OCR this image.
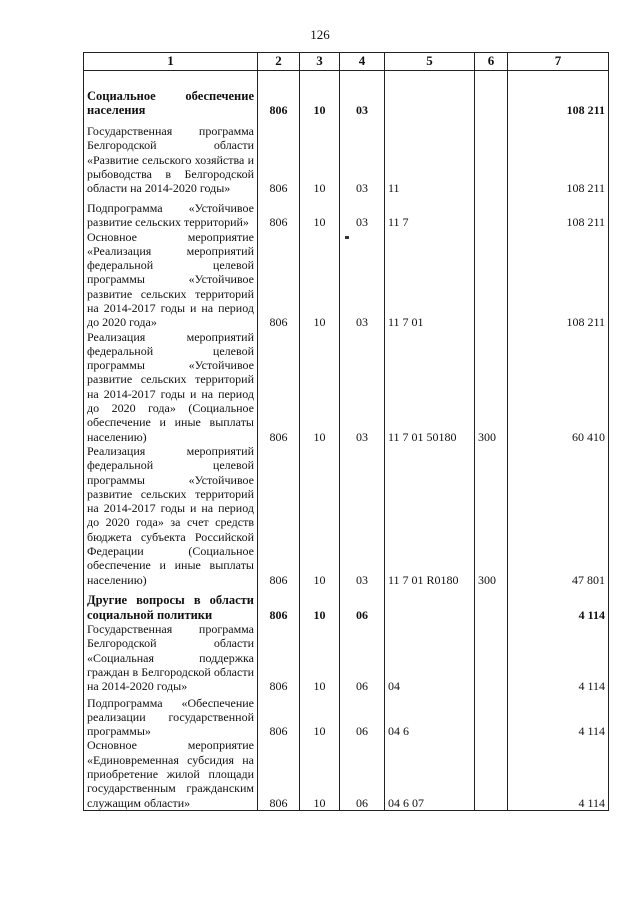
126
1	2	3	4	5	6	7
Социальное обеспечение населения	806	10	03			108 211
Государственная программа Белгородской области «Развитие сельского хозяйства и рыбоводства в Белгородской области на 2014-2020 годы»	806	10	03	11		108 211
Подпрограмма «Устойчивое развитие сельских территорий»	806	10	03	11 7		108 211
Основное мероприятие «Реализация мероприятий федеральной целевой программы «Устойчивое развитие сельских территорий на 2014-2017 годы и на период до 2020 года»	806	10	03	11 7 01		108 211
Реализация мероприятий федеральной целевой программы «Устойчивое развитие сельских территорий на 2014-2017 годы и на период до 2020 года» (Социальное обеспечение и иные выплаты населению)	806	10	03	11 7 01 50180	300	60 410
Реализация мероприятий федеральной целевой программы «Устойчивое развитие сельских территорий на 2014-2017 годы и на период до 2020 года» за счет средств бюджета субъекта Российской Федерации (Социальное обеспечение и иные выплаты населению)	806	10	03	11 7 01 R0180	300	47 801
Другие вопросы в области социальной политики	806	10	06			4 114
Государственная программа Белгородской области «Социальная поддержка граждан в Белгородской области на 2014-2020 годы»	806	10	06	04		4 114
Подпрограмма «Обеспечение реализации государственной программы»	806	10	06	04 6		4 114
Основное мероприятие «Единовременная субсидия на приобретение жилой площади государственным гражданским служащим области»	806	10	06	04 6 07		4 114
